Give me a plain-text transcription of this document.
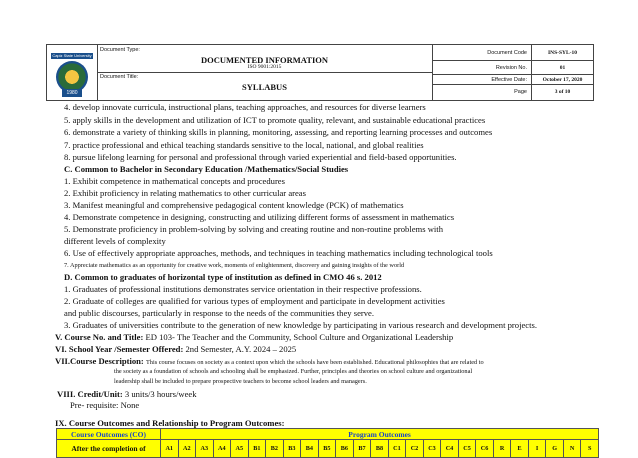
Capiz State University
1980
Document Type:
DOCUMENTED INFORMATION
ISO 9001:2015
Document Title:
SYLLABUS
Document Code	INS-SYL-10
Revision No.	01
Effective Date:	October 17, 2020
Page	3 of 10
4. develop innovate curricula, instructional plans, teaching approaches, and resources for diverse learners
5. apply skills in the development and utilization of ICT to promote quality, relevant, and sustainable educational practices
6. demonstrate a variety of thinking skills in planning, monitoring, assessing, and reporting learning processes and outcomes
7. practice professional and ethical teaching standards sensitive to the local, national, and global realities
8. pursue lifelong learning for personal and professional through varied experiential and field-based opportunities.
C. Common to Bachelor in Secondary Education /Mathematics/Social Studies
1. Exhibit competence in mathematical concepts and procedures
2. Exhibit proficiency in relating mathematics to other curricular areas
3. Manifest meaningful and comprehensive pedagogical content knowledge (PCK) of mathematics
4. Demonstrate competence in designing, constructing and utilizing different forms of assessment in mathematics
5. Demonstrate proficiency in problem-solving by solving and creating routine and non-routine problems with
different levels of complexity
6. Use of effectively appropriate approaches, methods, and techniques in teaching mathematics including technological tools
7. Appreciate mathematics as an opportunity for creative work, moments of enlightenment, discovery and gaining insights of the world
D. Common to graduates of horizontal type of institution as defined in CMO 46 s. 2012
1. Graduates of professional institutions demonstrates service orientation in their respective professions.
2. Graduate of colleges are qualified for various types of employment and participate in development activities
and public discourses, particularly in response to the needs of the communities they serve.
3. Graduates of universities contribute to the generation of new knowledge by participating in various research and development projects.
V. Course No. and Title: ED 103- The Teacher and the Community, School Culture and Organizational Leadership
VI. School Year /Semester Offered: 2nd Semester, A.Y. 2024 – 2025
VII.Course Description: This course focuses on society as a context upon which the schools have been established. Educational philosophies that are related to
the society as a foundation of schools and schooling shall be emphasized. Further, principles and theories on school culture and organizational
leadership shall be included to prepare prospective teachers to become school leaders and managers.
VIII. Credit/Unit: 3 units/3 hours/week
Pre- requisite: None
IX. Course Outcomes and Relationship to Program Outcomes:
Course Outcomes (CO)	Program Outcomes																								
After the completion of	A1	A2	A3	A4	A5	B1	B2	B3	B4	B5	B6	B7	B8	C1	C2	C3	C4	C5	C6	R	E	I	G	N	S
